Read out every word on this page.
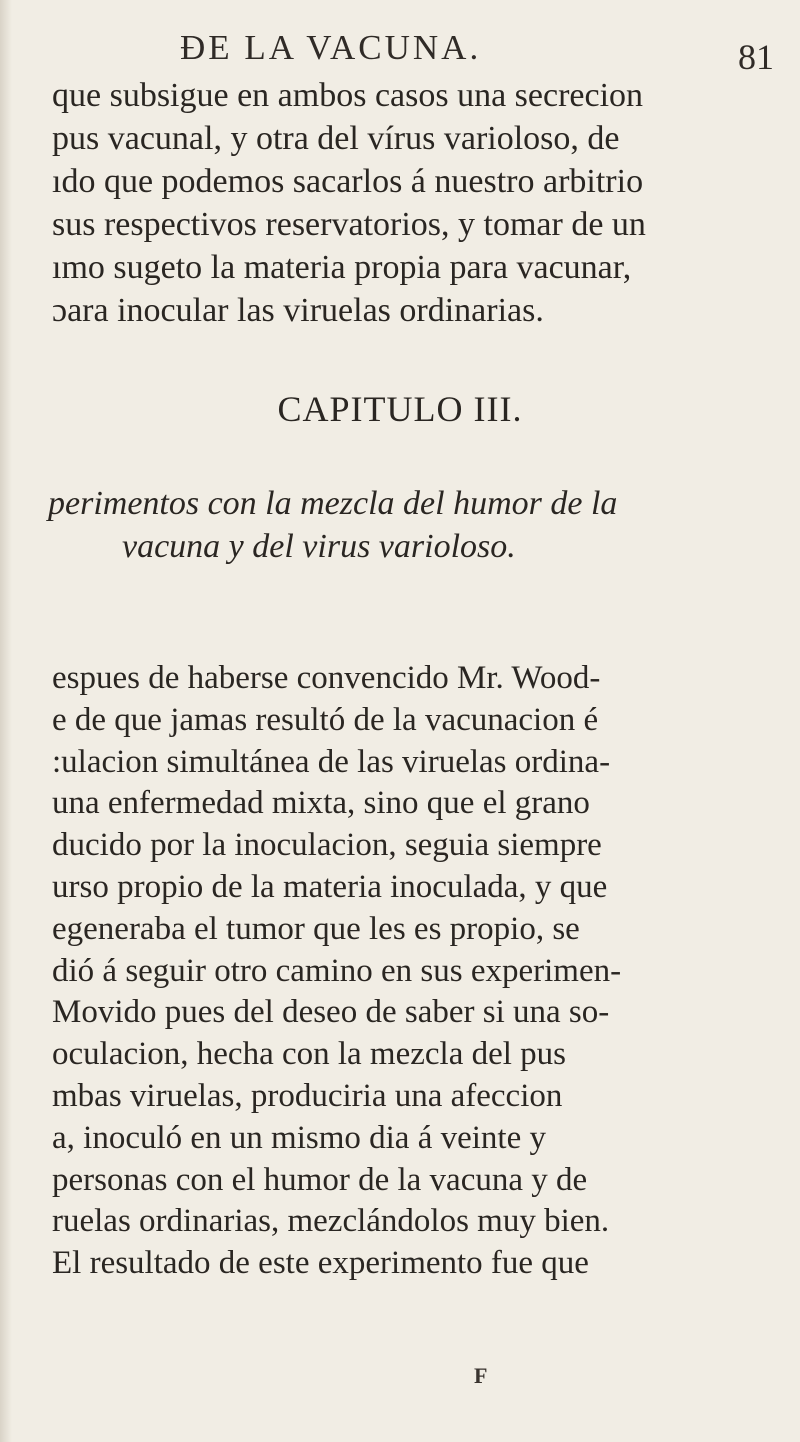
ÐE LA VACUNA.	81
que subsigue en ambos casos una secrecion
pus vacunal, y otra del vírus varioloso, de
ıdo que podemos sacarlos á nuestro arbitrio
sus respectivos reservatorios, y tomar de un
ımo sugeto la materia propia para vacunar,
ɔara inocular las viruelas ordinarias.
CAPITULO III.
perimentos con la mezcla del humor de la
vacuna y del virus varioloso.
espues de haberse convencido Mr. Wood-
e de que jamas resultó de la vacunacion é
:ulacion simultánea de las viruelas ordina-
una enfermedad mixta, sino que el grano
ducido por la inoculacion, seguia siempre
urso propio de la materia inoculada, y que
egeneraba el tumor que les es propio, se
dió á seguir otro camino en sus experimen-
Movido pues del deseo de saber si una so-
oculacion, hecha con la mezcla del pus
mbas viruelas, produciria una afeccion
a, inoculó en un mismo dia á veinte y
personas con el humor de la vacuna y de
ruelas ordinarias, mezclándolos muy bien.
El resultado de este experimento fue que
F
